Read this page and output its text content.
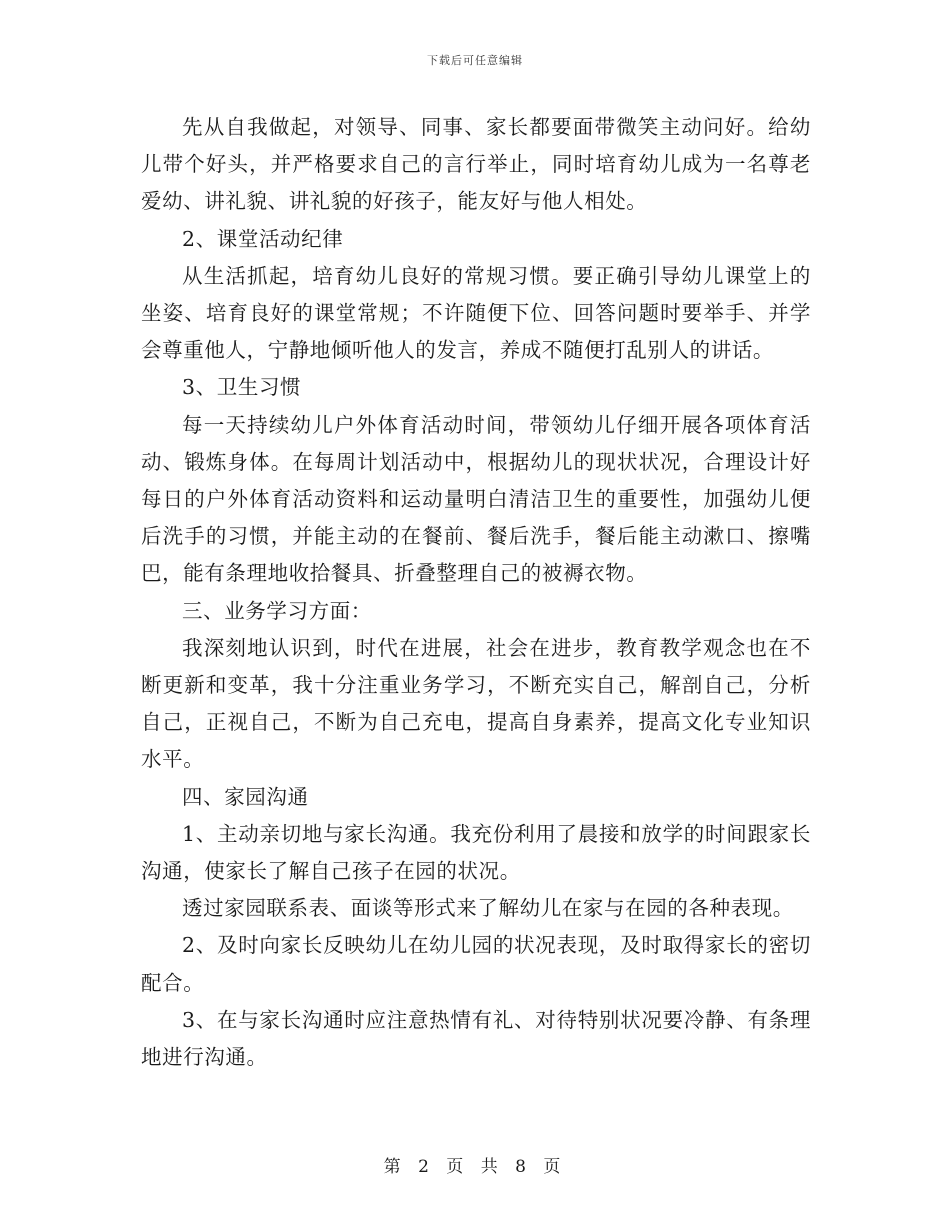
下载后可任意编辑

先从自我做起，对领导、同事、家长都要面带微笑主动问好。给幼儿带个好头，并严格要求自己的言行举止，同时培育幼儿成为一名尊老爱幼、讲礼貌、讲礼貌的好孩子，能友好与他人相处。

2、课堂活动纪律

从生活抓起，培育幼儿良好的常规习惯。要正确引导幼儿课堂上的坐姿、培育良好的课堂常规；不许随便下位、回答问题时要举手、并学会尊重他人，宁静地倾听他人的发言，养成不随便打乱别人的讲话。

3、卫生习惯

每一天持续幼儿户外体育活动时间，带领幼儿仔细开展各项体育活动、锻炼身体。在每周计划活动中，根据幼儿的现状状况，合理设计好每日的户外体育活动资料和运动量明白清洁卫生的重要性，加强幼儿便后洗手的习惯，并能主动的在餐前、餐后洗手，餐后能主动漱口、擦嘴巴，能有条理地收拾餐具、折叠整理自己的被褥衣物。

三、业务学习方面：

我深刻地认识到，时代在进展，社会在进步，教育教学观念也在不断更新和变革，我十分注重业务学习，不断充实自己，解剖自己，分析自己，正视自己，不断为自己充电，提高自身素养，提高文化专业知识水平。

四、家园沟通

1、主动亲切地与家长沟通。我充份利用了晨接和放学的时间跟家长沟通，使家长了解自己孩子在园的状况。

透过家园联系表、面谈等形式来了解幼儿在家与在园的各种表现。

2、及时向家长反映幼儿在幼儿园的状况表现，及时取得家长的密切配合。

3、在与家长沟通时应注意热情有礼、对待特别状况要冷静、有条理地进行沟通。

第 2 页 共 8 页
